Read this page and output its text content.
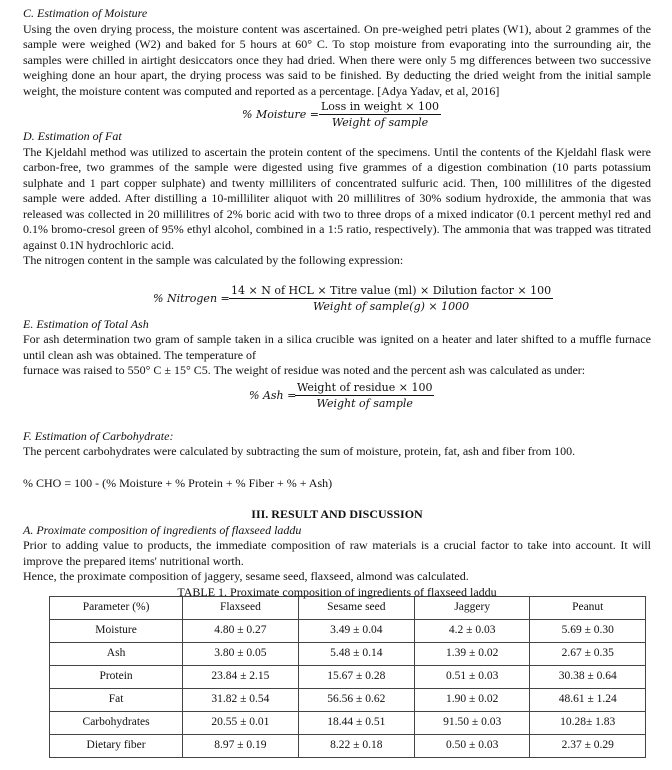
C. Estimation of Moisture

Using the oven drying process, the moisture content was ascertained. On pre-weighed petri plates (W1), about 2 grammes of the sample were weighed (W2) and baked for 5 hours at 60° C. To stop moisture from evaporating into the surrounding air, the samples were chilled in airtight desiccators once they had dried. When there were only 5 mg differences between two successive weighing done an hour apart, the drying process was said to be finished. By deducting the dried weight from the initial sample weight, the moisture content was computed and reported as a percentage. [Adya Yadav, et al, 2016]

% Moisture =
Loss in weight × 100
Weight of sample

D. Estimation of Fat

The Kjeldahl method was utilized to ascertain the protein content of the specimens. Until the contents of the Kjeldahl flask were carbon-free, two grammes of the sample were digested using five grammes of a digestion combination (10 parts potassium sulphate and 1 part copper sulphate) and twenty milliliters of concentrated sulfuric acid. Then, 100 millilitres of the digested sample were added. After distilling a 10-milliliter aliquot with 20 millilitres of 30% sodium hydroxide, the ammonia that was released was collected in 20 millilitres of 2% boric acid with two to three drops of a mixed indicator (0.1 percent methyl red and 0.1% bromo-cresol green of 95% ethyl alcohol, combined in a 1:5 ratio, respectively). The ammonia that was trapped was titrated against 0.1N hydrochloric acid.

The nitrogen content in the sample was calculated by the following expression:

% Nitrogen =
14 × N of HCL × Titre value (ml) × Dilution factor × 100
Weight of sample(g) × 1000

E. Estimation of Total Ash

For ash determination two gram of sample taken in a silica crucible was ignited on a heater and later shifted to a muffle furnace until clean ash was obtained. The temperature of

furnace was raised to 550° C ± 15° C5. The weight of residue was noted and the percent ash was calculated as under:

% Ash =
Weight of residue × 100
Weight of sample

F. Estimation of Carbohydrate:

The percent carbohydrates were calculated by subtracting the sum of moisture, protein, fat, ash and fiber from 100.

% CHO = 100 - (% Moisture + % Protein + % Fiber + % + Ash)

III. RESULT AND DISCUSSION

A. Proximate composition of ingredients of flaxseed laddu

Prior to adding value to products, the immediate composition of raw materials is a crucial factor to take into account. It will improve the prepared items' nutritional worth.

Hence, the proximate composition of jaggery, sesame seed, flaxseed, almond was calculated.

TABLE 1. Proximate composition of ingredients of flaxseed laddu

Parameter (%)	Flaxseed	Sesame seed	Jaggery	Peanut
Moisture	4.80 ± 0.27	3.49 ± 0.04	4.2 ± 0.03	5.69 ± 0.30
Ash	3.80 ± 0.05	5.48 ± 0.14	1.39 ± 0.02	2.67 ± 0.35
Protein	23.84 ± 2.15	15.67 ± 0.28	0.51 ± 0.03	30.38 ± 0.64
Fat	31.82 ± 0.54	56.56 ± 0.62	1.90 ± 0.02	48.61 ± 1.24
Carbohydrates	20.55 ± 0.01	18.44 ± 0.51	91.50 ± 0.03	10.28± 1.83
Dietary fiber	8.97 ± 0.19	8.22 ± 0.18	0.50 ± 0.03	2.37 ± 0.29
